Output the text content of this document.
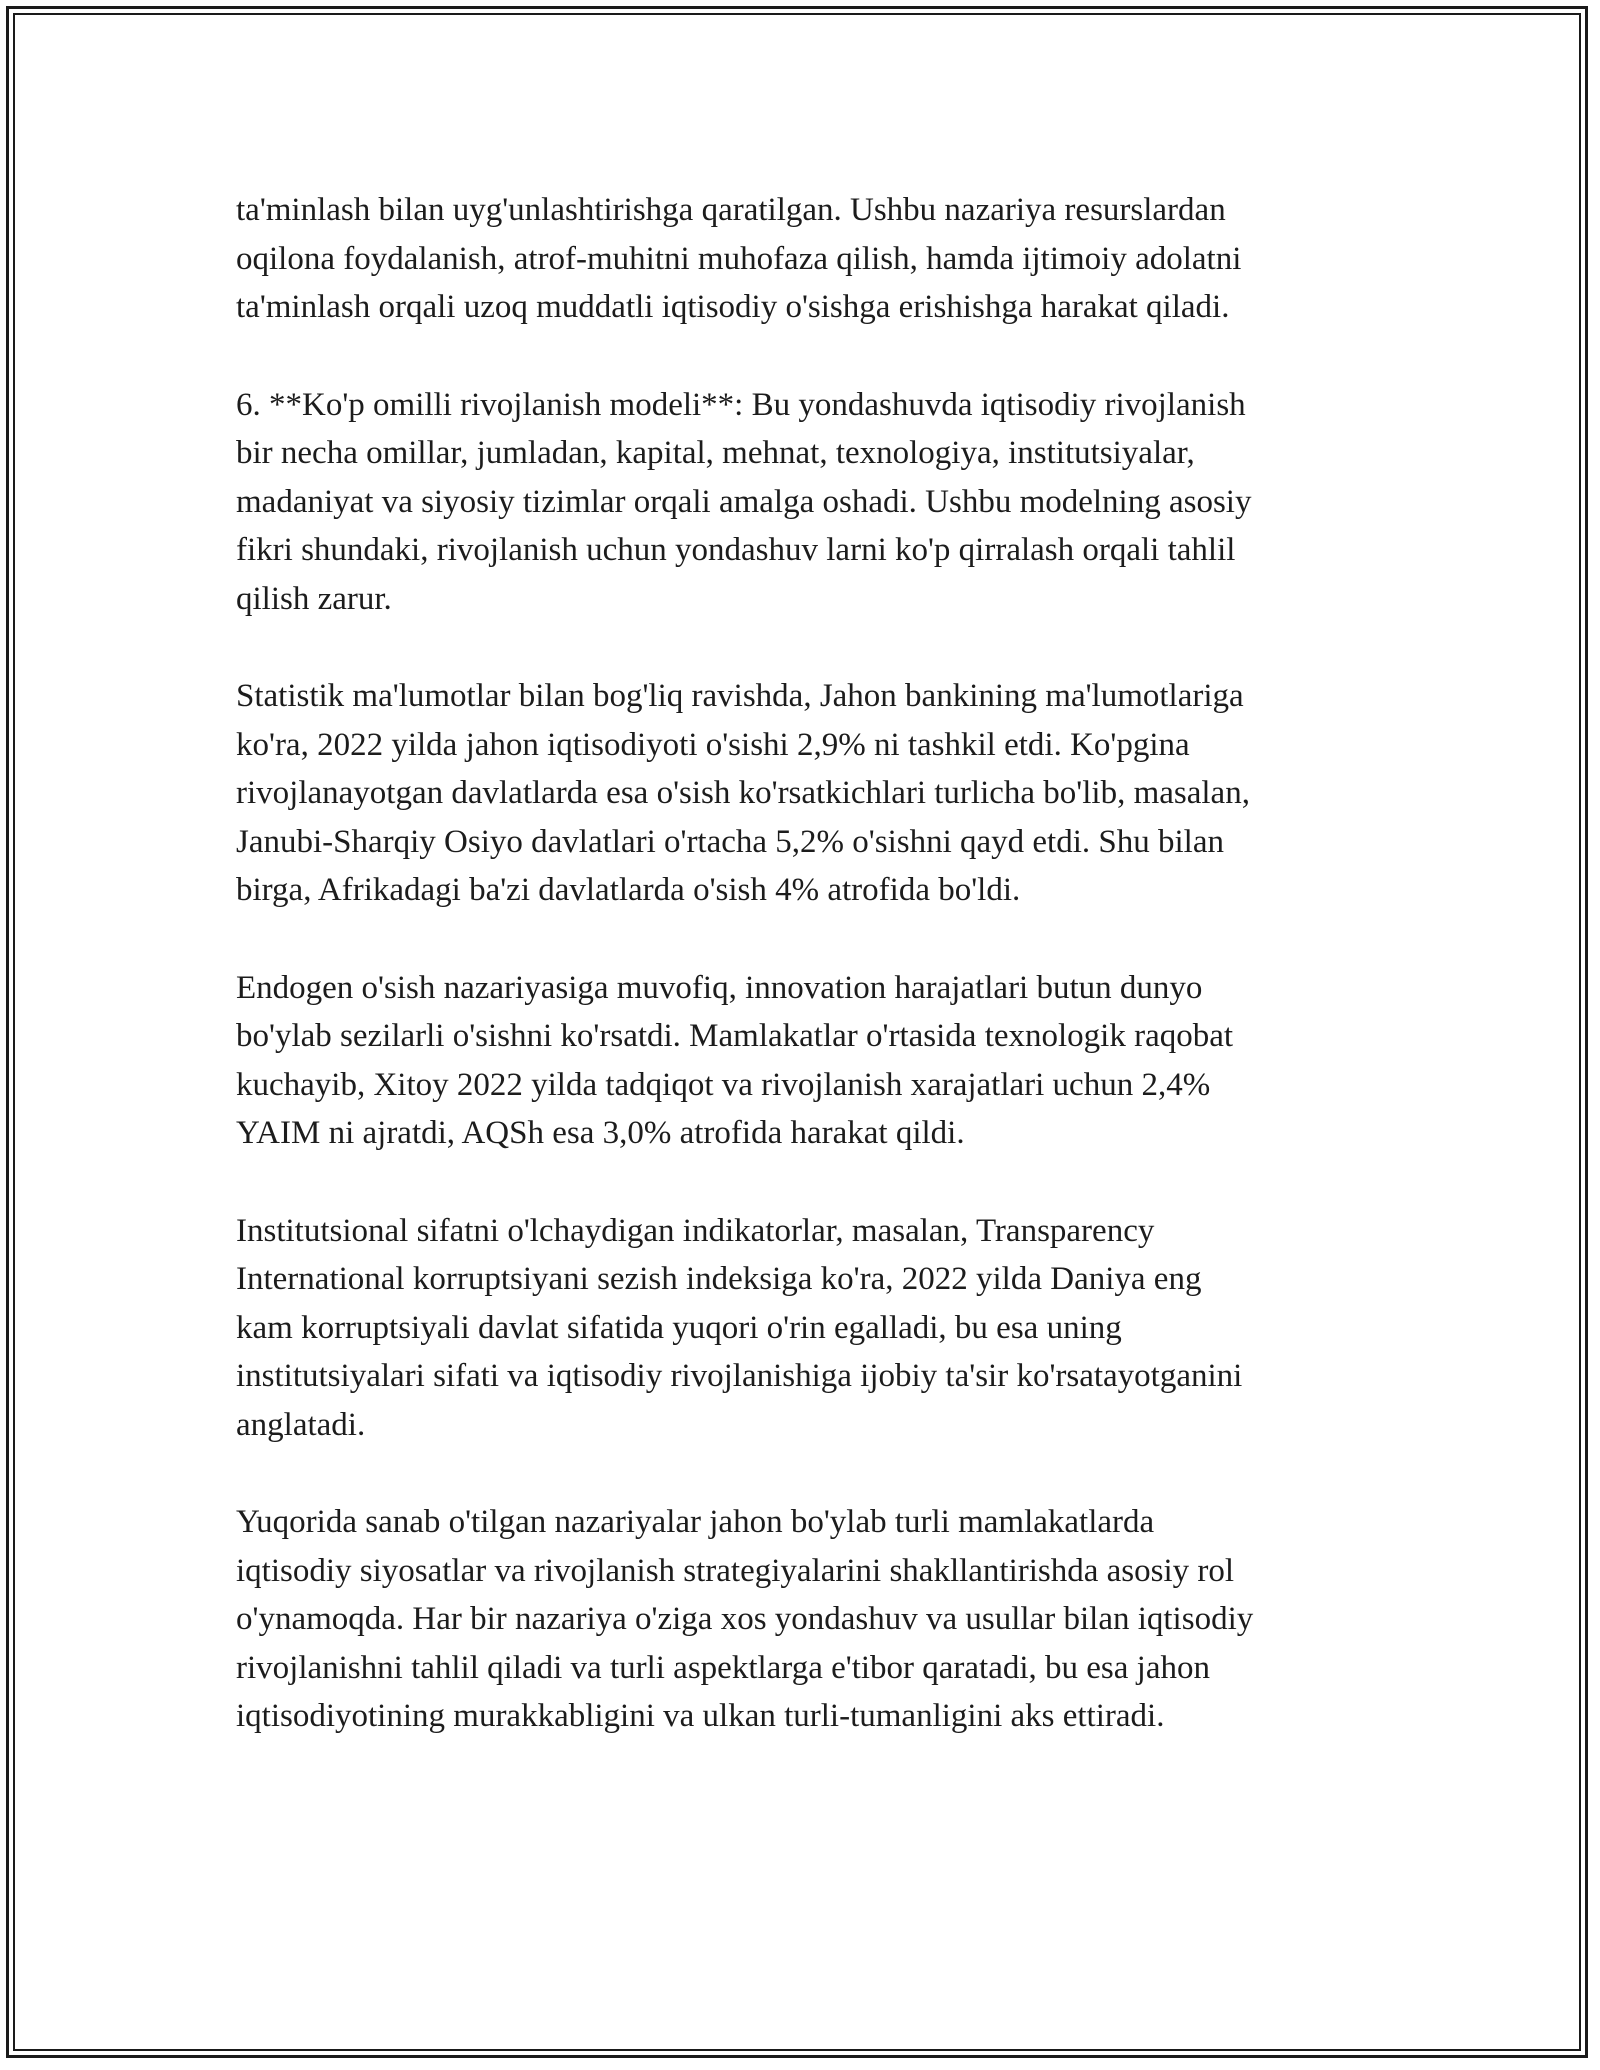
ta'minlash bilan uyg'unlashtirishga qaratilgan. Ushbu nazariya resurslardan
oqilona foydalanish, atrof-muhitni muhofaza qilish, hamda ijtimoiy adolatni
ta'minlash orqali uzoq muddatli iqtisodiy o'sishga erishishga harakat qiladi.

6. **Ko'p omilli rivojlanish modeli**: Bu yondashuvda iqtisodiy rivojlanish
bir necha omillar, jumladan, kapital, mehnat, texnologiya, institutsiyalar,
madaniyat va siyosiy tizimlar orqali amalga oshadi. Ushbu modelning asosiy
fikri shundaki, rivojlanish uchun yondashuv larni ko'p qirralash orqali tahlil
qilish zarur.

Statistik ma'lumotlar bilan bog'liq ravishda, Jahon bankining ma'lumotlariga
ko'ra, 2022 yilda jahon iqtisodiyoti o'sishi 2,9% ni tashkil etdi. Ko'pgina
rivojlanayotgan davlatlarda esa o'sish ko'rsatkichlari turlicha bo'lib, masalan,
Janubi-Sharqiy Osiyo davlatlari o'rtacha 5,2% o'sishni qayd etdi. Shu bilan
birga, Afrikadagi ba'zi davlatlarda o'sish 4% atrofida bo'ldi.

Endogen o'sish nazariyasiga muvofiq, innovation harajatlari butun dunyo
bo'ylab sezilarli o'sishni ko'rsatdi. Mamlakatlar o'rtasida texnologik raqobat
kuchayib, Xitoy 2022 yilda tadqiqot va rivojlanish xarajatlari uchun 2,4%
YAIM ni ajratdi, AQSh esa 3,0% atrofida harakat qildi.

Institutsional sifatni o'lchaydigan indikatorlar, masalan, Transparency
International korruptsiyani sezish indeksiga ko'ra, 2022 yilda Daniya eng
kam korruptsiyali davlat sifatida yuqori o'rin egalladi, bu esa uning
institutsiyalari sifati va iqtisodiy rivojlanishiga ijobiy ta'sir ko'rsatayotganini
anglatadi.

Yuqorida sanab o'tilgan nazariyalar jahon bo'ylab turli mamlakatlarda
iqtisodiy siyosatlar va rivojlanish strategiyalarini shakllantirishda asosiy rol
o'ynamoqda. Har bir nazariya o'ziga xos yondashuv va usullar bilan iqtisodiy
rivojlanishni tahlil qiladi va turli aspektlarga e'tibor qaratadi, bu esa jahon
iqtisodiyotining murakkabligini va ulkan turli-tumanligini aks ettiradi.
